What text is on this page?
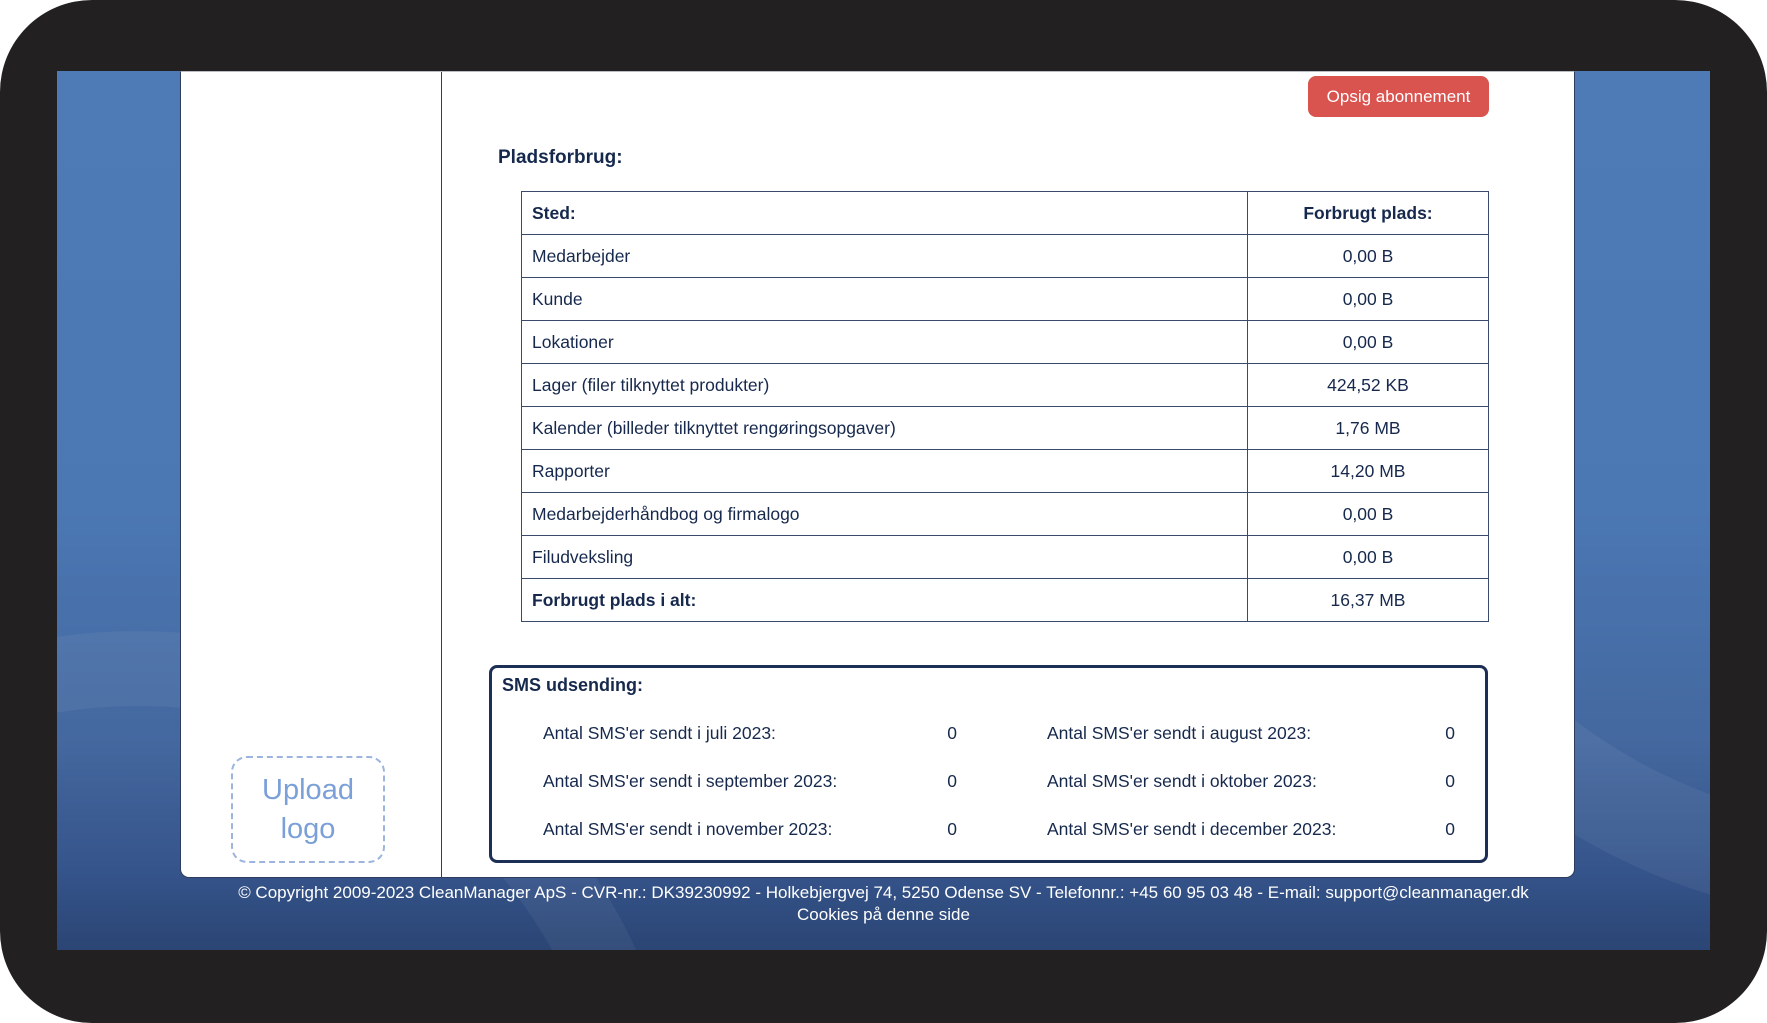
Opsig abonnement
Pladsforbrug:
Sted:	Forbrugt plads:
Medarbejder	0,00 B
Kunde	0,00 B
Lokationer	0,00 B
Lager (filer tilknyttet produkter)	424,52 KB
Kalender (billeder tilknyttet rengøringsopgaver)	1,76 MB
Rapporter	14,20 MB
Medarbejderhåndbog og firmalogo	0,00 B
Filudveksling	0,00 B
Forbrugt plads i alt:	16,37 MB
SMS udsending:
Antal SMS'er sendt i juli 2023:	0	Antal SMS'er sendt i august 2023:	0
Antal SMS'er sendt i september 2023:	0	Antal SMS'er sendt i oktober 2023:	0
Antal SMS'er sendt i november 2023:	0	Antal SMS'er sendt i december 2023:	0
Upload logo
© Copyright 2009-2023 CleanManager ApS - CVR-nr.: DK39230992 - Holkebjergvej 74, 5250 Odense SV - Telefonnr.: +45 60 95 03 48 - E-mail: support@cleanmanager.dk
Cookies på denne side
